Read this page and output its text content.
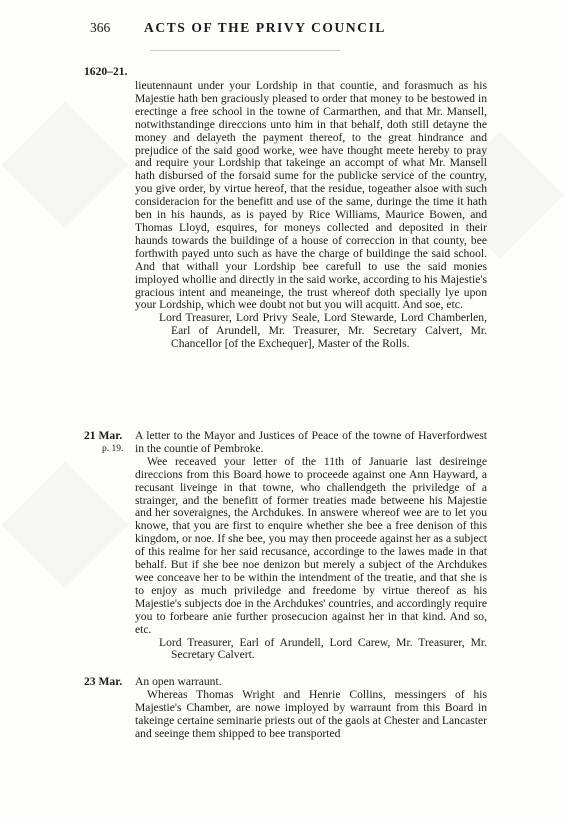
366	ACTS OF THE PRIVY COUNCIL
1620–21.

lieutennaunt under your Lordship in that countie, and forasmuch as his Majestie hath ben graciously pleased to order that money to be bestowed in erectinge a free school in the towne of Carmarthen, and that Mr. Mansell, notwithstandinge direccions unto him in that behalf, doth still detayne the money and delayeth the payment thereof, to the great hindrance and prejudice of the said good worke, wee have thought meete hereby to pray and require your Lordship that takeinge an accompt of what Mr. Mansell hath disbursed of the forsaid sume for the publicke service of the country, you give order, by virtue hereof, that the residue, togeather alsoe with such consideracion for the benefitt and use of the same, duringe the time it hath ben in his haunds, as is payed by Rice Williams, Maurice Bowen, and Thomas Lloyd, esquires, for moneys collected and deposited in their haunds towards the buildinge of a house of correccion in that county, bee forthwith payed unto such as have the charge of buildinge the said school. And that withall your Lordship bee carefull to use the said monies imployed whollie and directly in the said worke, according to his Majestie's gracious intent and meaneinge, the trust whereof doth specially lye upon your Lordship, which wee doubt not but you will acquitt. And soe, etc.

Lord Treasurer, Lord Privy Seale, Lord Stewarde, Lord Chamberlen, Earl of Arundell, Mr. Treasurer, Mr. Secretary Calvert, Mr. Chancellor [of the Exchequer], Master of the Rolls.

21 Mar.
p. 19.

A letter to the Mayor and Justices of Peace of the towne of Haverfordwest in the countie of Pembroke.

Wee receaved your letter of the 11th of Januarie last desireinge direccions from this Board howe to proceede against one Ann Hayward, a recusant liveinge in that towne, who challendgeth the priviledge of a strainger, and the benefitt of former treaties made betweene his Majestie and her soveraignes, the Archdukes. In answere whereof wee are to let you knowe, that you are first to enquire whether she bee a free denison of this kingdom, or noe. If she bee, you may then proceede against her as a subject of this realme for her said recusance, accordinge to the lawes made in that behalf. But if she bee noe denizon but merely a subject of the Archdukes wee conceave her to be within the intendment of the treatie, and that she is to enjoy as much priviledge and freedome by virtue thereof as his Majestie's subjects doe in the Archdukes' countries, and accordingly require you to forbeare anie further prosecucion against her in that kind. And so, etc.

Lord Treasurer, Earl of Arundell, Lord Carew, Mr. Treasurer, Mr. Secretary Calvert.

23 Mar. An open warraunt.

Whereas Thomas Wright and Henrie Collins, messingers of his Majestie's Chamber, are nowe imployed by warraunt from this Board in takeinge certaine seminarie priests out of the gaols at Chester and Lancaster and seeinge them shipped to bee transported
